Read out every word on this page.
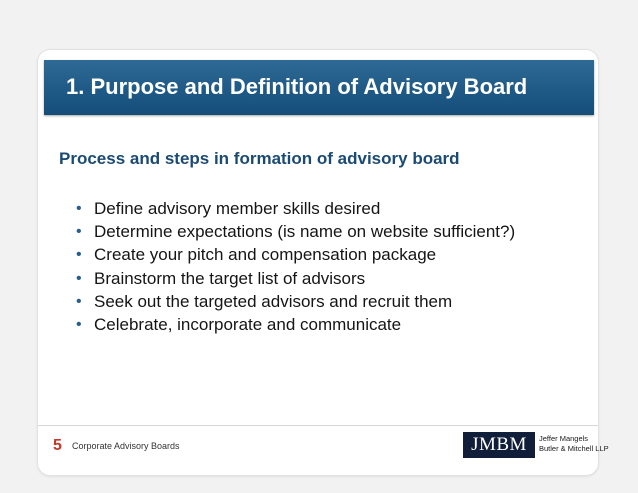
1. Purpose and Definition of Advisory Board
Process and steps in formation of advisory board
• Define advisory member skills desired
• Determine expectations (is name on website sufficient?)
• Create your pitch and compensation package
• Brainstorm the target list of advisors
• Seek out the targeted advisors and recruit them
• Celebrate, incorporate and communicate
5 Corporate Advisory Boards	JMBM	Jeffer Mangels
Butler & Mitchell LLP
